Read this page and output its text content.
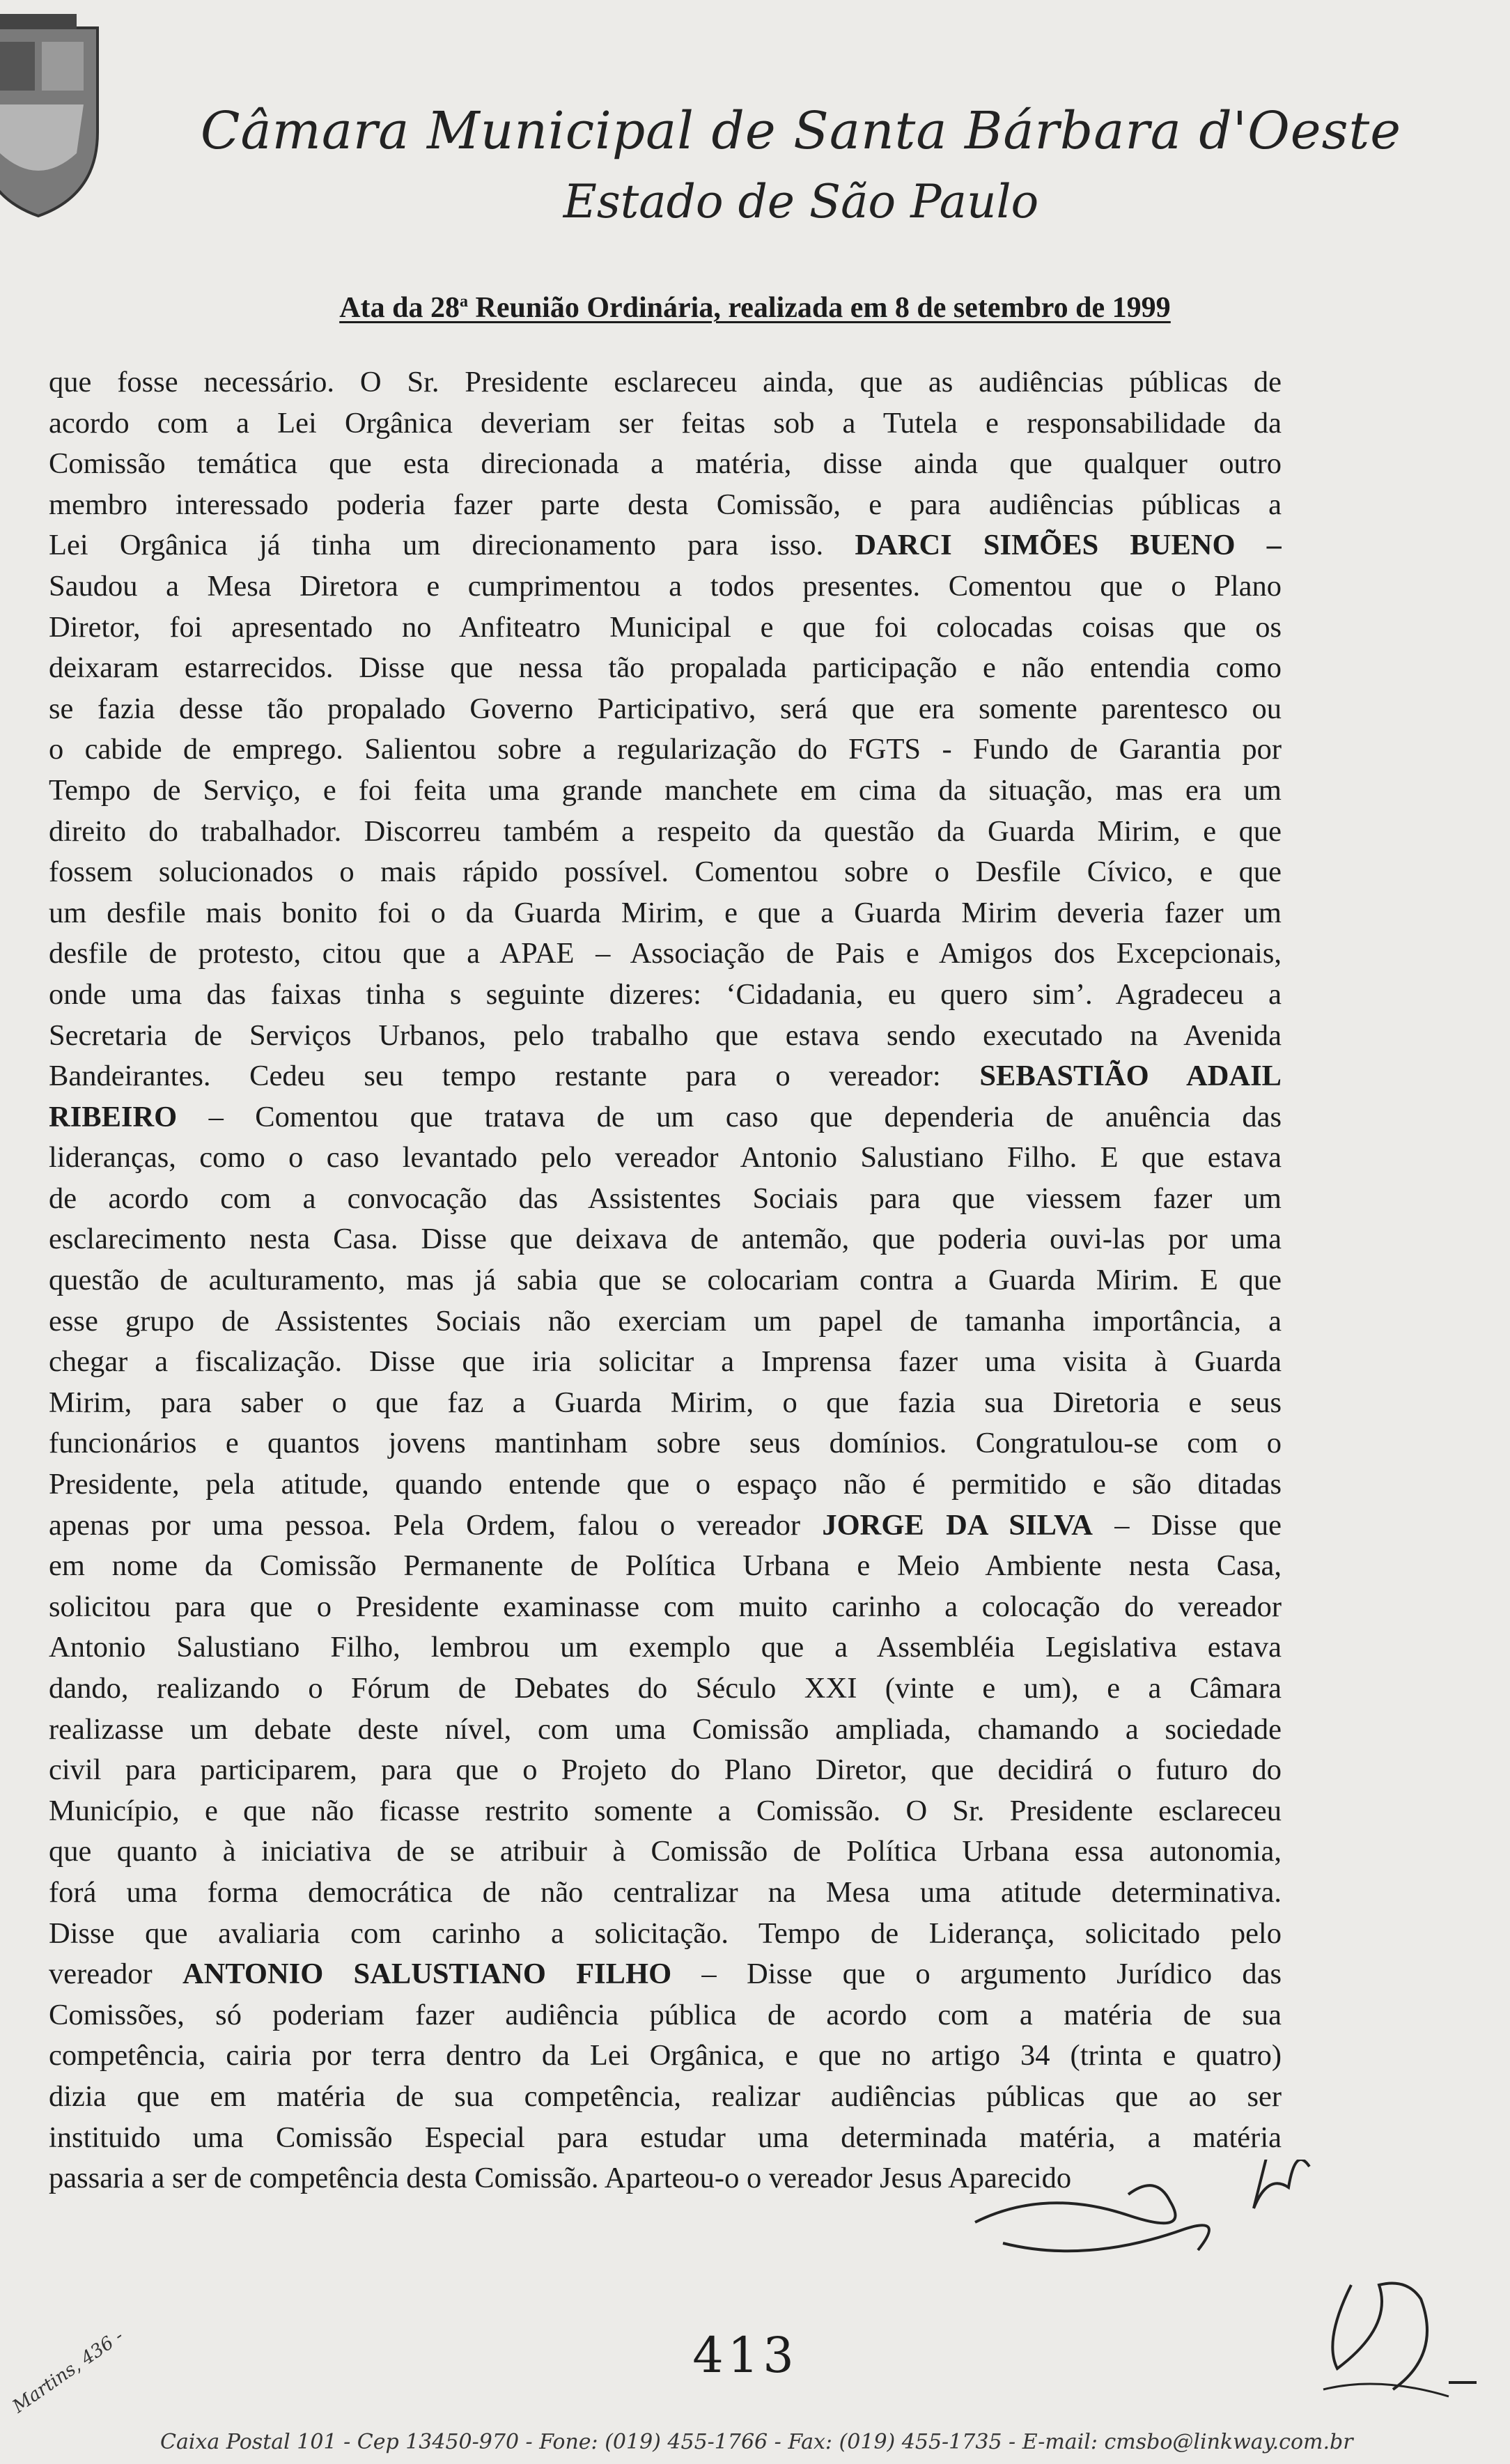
Câmara Municipal de Santa Bárbara d'Oeste
Estado de São Paulo
Ata da 28$^a$ Reunião Ordinária, realizada em 8 de setembro de 1999
que fosse necessário. O Sr. Presidente esclareceu ainda, que as audiências públicas de
acordo com a Lei Orgânica deveriam ser feitas sob a Tutela e responsabilidade da
Comissão temática que esta direcionada a matéria, disse ainda que qualquer outro
membro interessado poderia fazer parte desta Comissão, e para audiências públicas a
Lei Orgânica já tinha um direcionamento para isso. DARCI SIMÕES BUENO –
Saudou a Mesa Diretora e cumprimentou a todos presentes. Comentou que o Plano
Diretor, foi apresentado no Anfiteatro Municipal e que foi colocadas coisas que os
deixaram estarrecidos. Disse que nessa tão propalada participação e não entendia como
se fazia desse tão propalado Governo Participativo, será que era somente parentesco ou
o cabide de emprego. Salientou sobre a regularização do FGTS - Fundo de Garantia por
Tempo de Serviço, e foi feita uma grande manchete em cima da situação, mas era um
direito do trabalhador. Discorreu também a respeito da questão da Guarda Mirim, e que
fossem solucionados o mais rápido possível. Comentou sobre o Desfile Cívico, e que
um desfile mais bonito foi o da Guarda Mirim, e que a Guarda Mirim deveria fazer um
desfile de protesto, citou que a APAE – Associação de Pais e Amigos dos Excepcionais,
onde uma das faixas tinha s seguinte dizeres: ‘Cidadania, eu quero sim’. Agradeceu a
Secretaria de Serviços Urbanos, pelo trabalho que estava sendo executado na Avenida
Bandeirantes. Cedeu seu tempo restante para o vereador: SEBASTIÃO ADAIL
RIBEIRO – Comentou que tratava de um caso que dependeria de anuência das
lideranças, como o caso levantado pelo vereador Antonio Salustiano Filho. E que estava
de acordo com a convocação das Assistentes Sociais para que viessem fazer um
esclarecimento nesta Casa. Disse que deixava de antemão, que poderia ouvi-las por uma
questão de aculturamento, mas já sabia que se colocariam contra a Guarda Mirim. E que
esse grupo de Assistentes Sociais não exerciam um papel de tamanha importância, a
chegar a fiscalização. Disse que iria solicitar a Imprensa fazer uma visita à Guarda
Mirim, para saber o que faz a Guarda Mirim, o que fazia sua Diretoria e seus
funcionários e quantos jovens mantinham sobre seus domínios. Congratulou-se com o
Presidente, pela atitude, quando entende que o espaço não é permitido e são ditadas
apenas por uma pessoa. Pela Ordem, falou o vereador JORGE DA SILVA – Disse que
em nome da Comissão Permanente de Política Urbana e Meio Ambiente nesta Casa,
solicitou para que o Presidente examinasse com muito carinho a colocação do vereador
Antonio Salustiano Filho, lembrou um exemplo que a Assembléia Legislativa estava
dando, realizando o Fórum de Debates do Século XXI (vinte e um), e a Câmara
realizasse um debate deste nível, com uma Comissão ampliada, chamando a sociedade
civil para participarem, para que o Projeto do Plano Diretor, que decidirá o futuro do
Município, e que não ficasse restrito somente a Comissão. O Sr. Presidente esclareceu
que quanto à iniciativa de se atribuir à Comissão de Política Urbana essa autonomia,
forá uma forma democrática de não centralizar na Mesa uma atitude determinativa.
Disse que avaliaria com carinho a solicitação. Tempo de Liderança, solicitado pelo
vereador ANTONIO SALUSTIANO FILHO – Disse que o argumento Jurídico das
Comissões, só poderiam fazer audiência pública de acordo com a matéria de sua
competência, cairia por terra dentro da Lei Orgânica, e que no artigo 34 (trinta e quatro)
dizia que em matéria de sua competência, realizar audiências públicas que ao ser
instituido uma Comissão Especial para estudar uma determinada matéria, a matéria
passaria a ser de competência desta Comissão. Aparteou-o o vereador Jesus Aparecido
413
Martins, 436 -
Caixa Postal 101 - Cep 13450-970 - Fone: (019) 455-1766 - Fax: (019) 455-1735 - E-mail: cmsbo@linkway.com.br
